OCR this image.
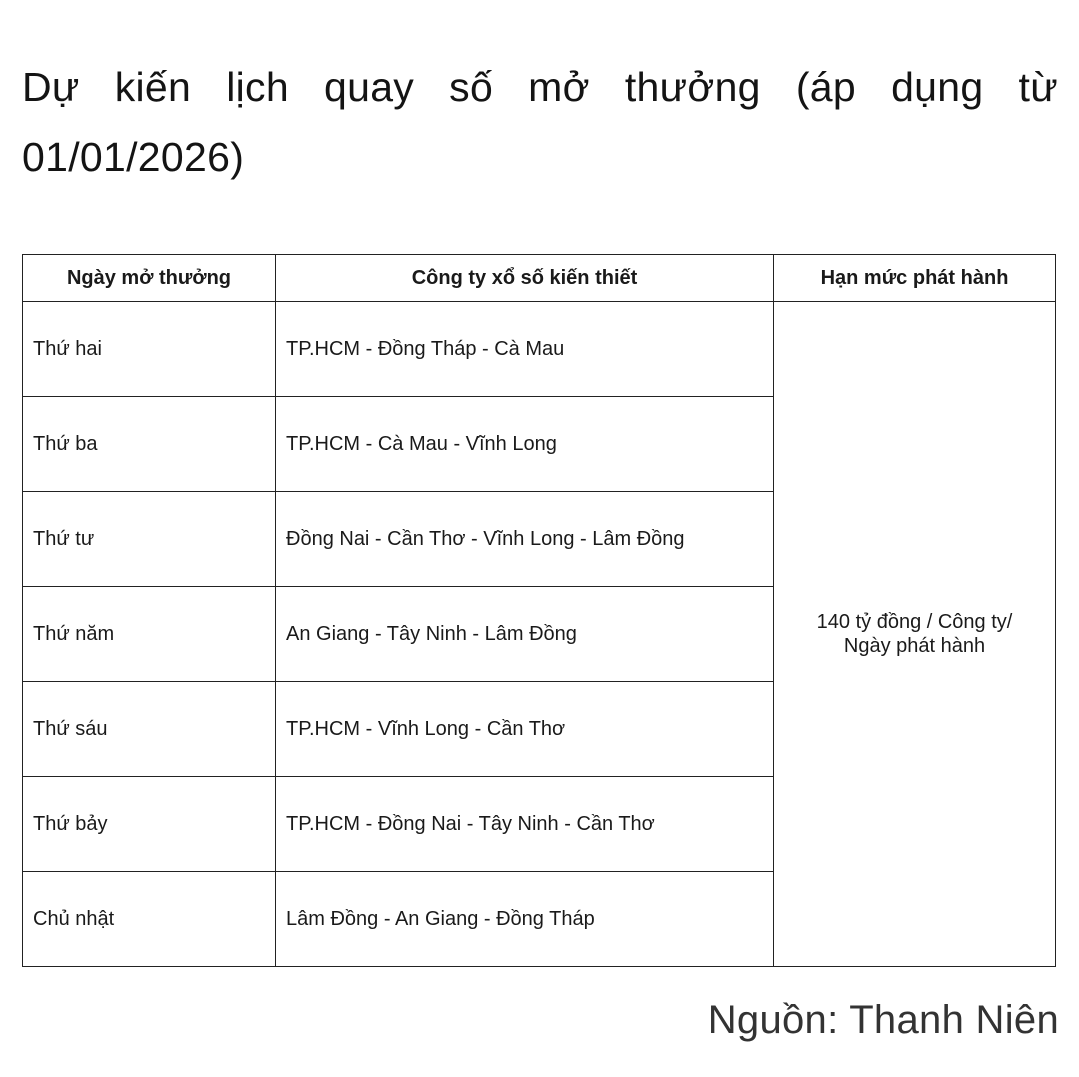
Dự kiến lịch quay số mở thưởng (áp dụng từ 01/01/2026)
Ngày mở thưởng	Công ty xổ số kiến thiết	Hạn mức phát hành
Thứ hai	TP.HCM - Đồng Tháp - Cà Mau	140 tỷ đồng / Công ty/
Ngày phát hành
Thứ ba	TP.HCM - Cà Mau - Vĩnh Long	
Thứ tư	Đồng Nai - Cần Thơ - Vĩnh Long - Lâm Đồng	
Thứ năm	An Giang - Tây Ninh - Lâm Đồng	
Thứ sáu	TP.HCM - Vĩnh Long - Cần Thơ	
Thứ bảy	TP.HCM - Đồng Nai - Tây Ninh - Cần Thơ	
Chủ nhật	Lâm Đồng - An Giang - Đồng Tháp	
Nguồn: Thanh Niên
